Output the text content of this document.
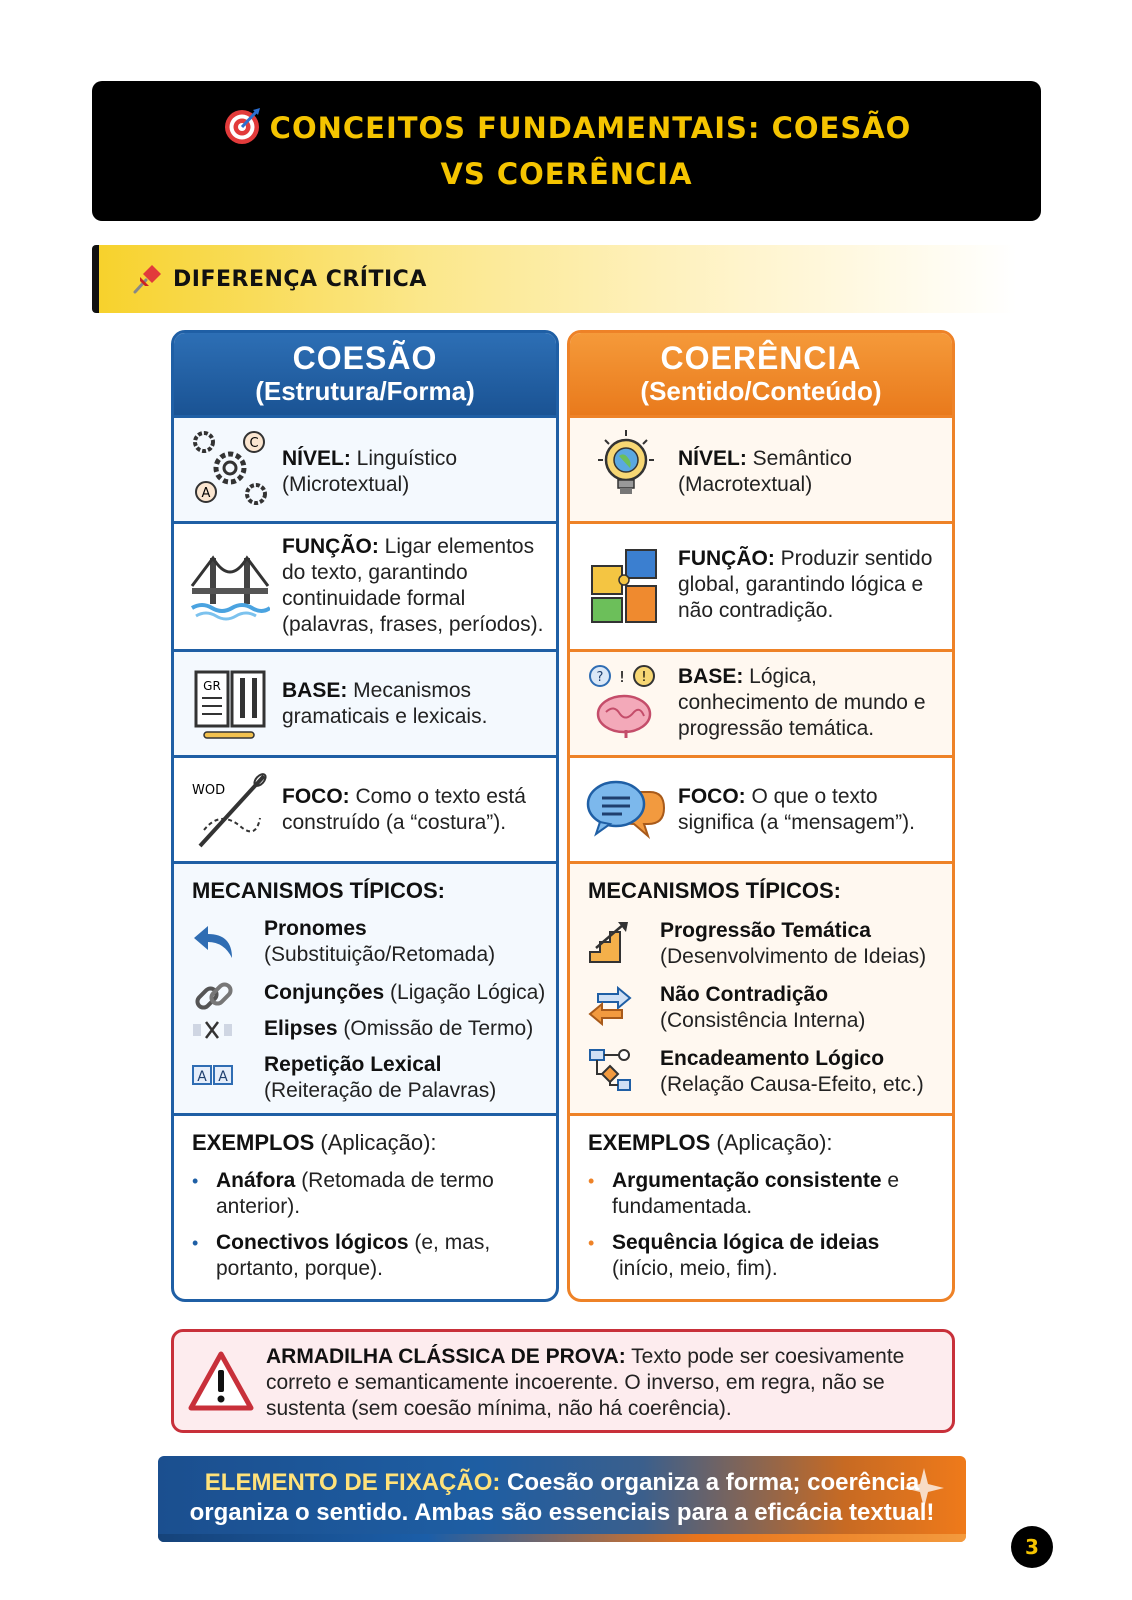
CONCEITOS FUNDAMENTAIS: COESÃO VS COERÊNCIA
DIFERENÇA CRÍTICA
COESÃO
(Estrutura/Forma)
C
A
NÍVEL: Linguístico (Microtextual)
FUNÇÃO: Ligar elementos do texto, garantindo continuidade formal (palavras, frases, períodos).
GR	BASE: Mecanismos gramaticais e lexicais.
WOD	FOCO: Como o texto está construído (a “costura”).
MECANISMOS TÍPICOS:
Pronomes
(Substituição/Retomada)
Conjunções (Ligação Lógica)
Elipses (Omissão de Termo)
A A
Repetição Lexical
(Reiteração de Palavras)
EXEMPLOS (Aplicação):
• Anáfora (Retomada de termo anterior).
• Conectivos lógicos (e, mas, portanto, porque).
COERÊNCIA
(Sentido/Conteúdo)
NÍVEL: Semântico (Macrotextual)
FUNÇÃO: Produzir sentido global, garantindo lógica e não contradição.
? ! ! BASE: Lógica, conhecimento de mundo e progressão temática.
FOCO: O que o texto significa (a “mensagem”).
MECANISMOS TÍPICOS:
Progressão Temática
(Desenvolvimento de Ideias)
Não Contradição
(Consistência Interna)
Encadeamento Lógico
(Relação Causa-Efeito, etc.)
EXEMPLOS (Aplicação):
• Argumentação consistente e fundamentada.
• Sequência lógica de ideias (início, meio, fim).
ARMADILHA CLÁSSICA DE PROVA: Texto pode ser coesivamente correto e semanticamente incoerente. O inverso, em regra, não se sustenta (sem coesão mínima, não há coerência).
ELEMENTO DE FIXAÇÃO: Coesão organiza a forma; coerência organiza o sentido. Ambas são essenciais para a eficácia textual!
3
